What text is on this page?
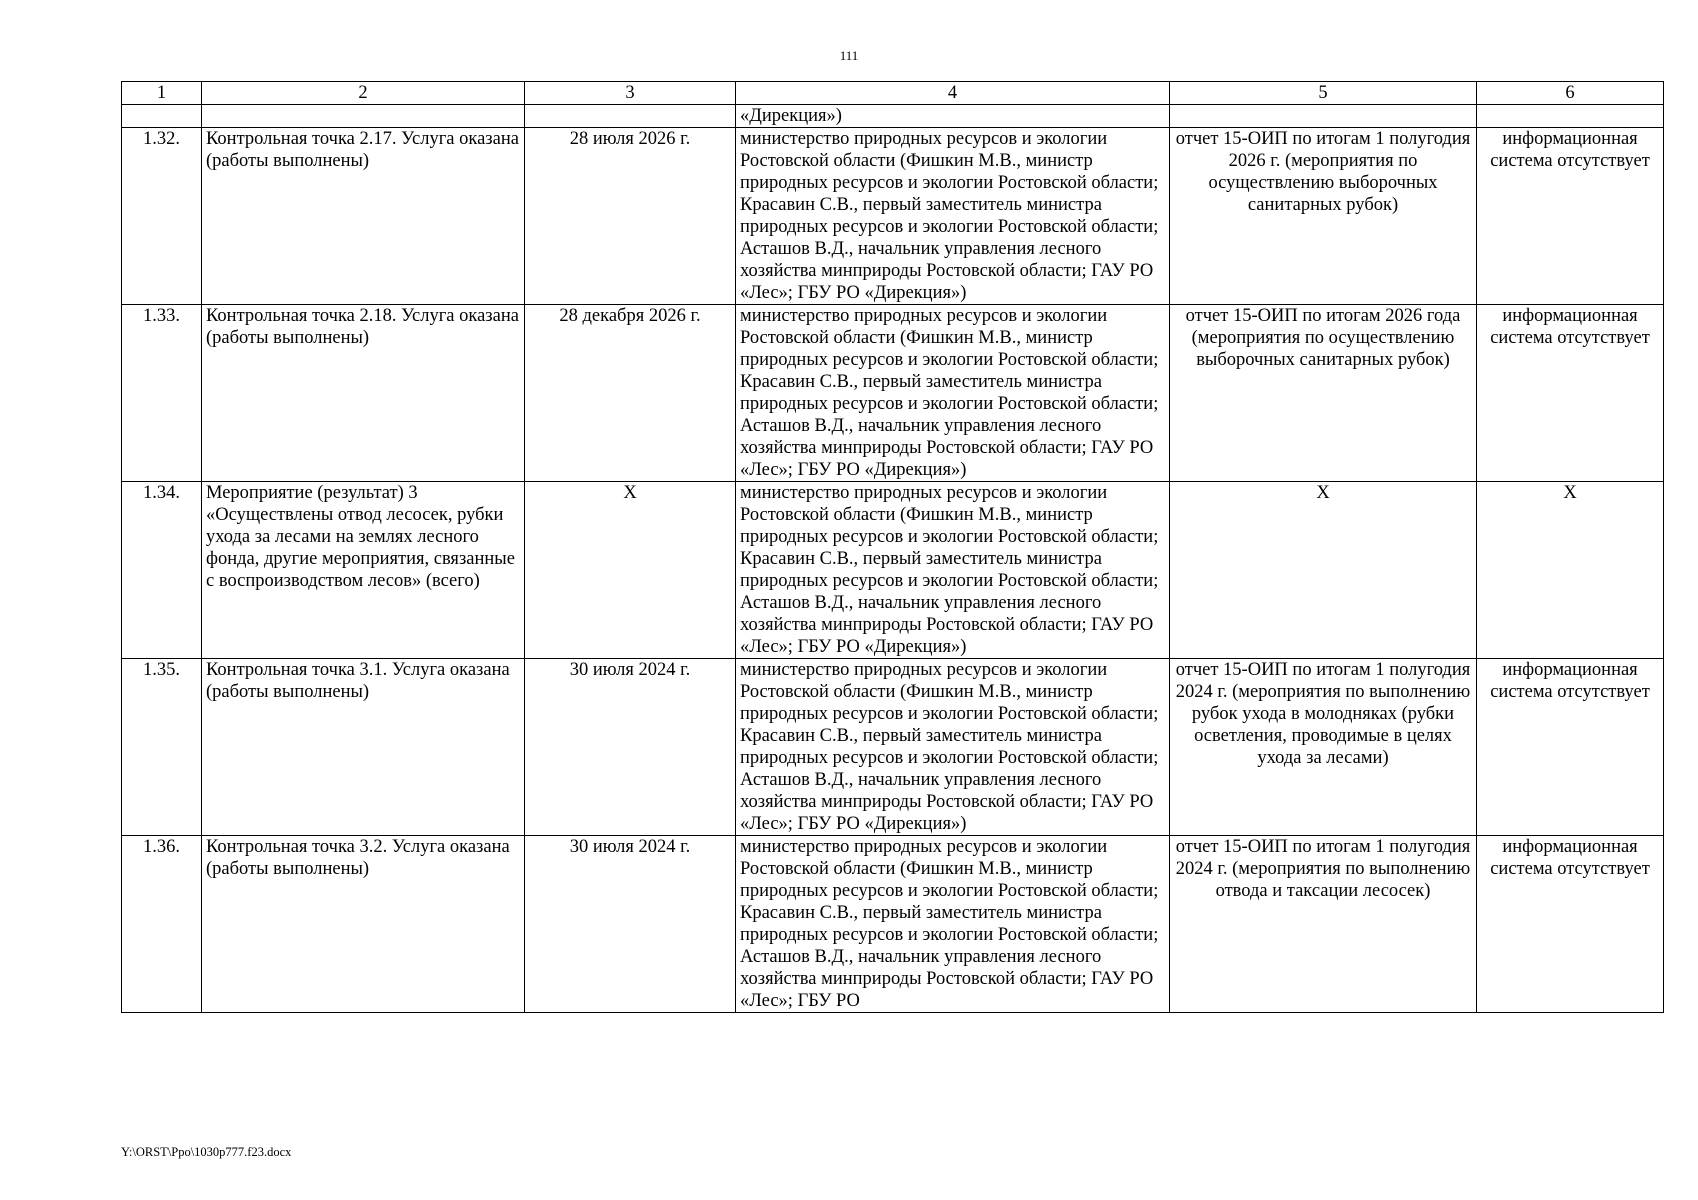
111
1	2	3	4	5	6
			«Дирекция»)		
1.32.	Контрольная точка 2.17. Услуга оказана (работы выполнены)	28 июля 2026 г.	министерство природных ресурсов и экологии Ростовской области (Фишкин М.В., министр природных ресурсов и экологии Ростовской области; Красавин С.В., первый заместитель министра природных ресурсов и экологии Ростовской области; Асташов В.Д., начальник управления лесного хозяйства минприроды Ростовской области; ГАУ РО «Лес»; ГБУ РО «Дирекция»)	отчет 15-ОИП по итогам 1 полугодия 2026 г. (мероприятия по осуществлению выборочных санитарных рубок)	информационная система отсутствует
1.33.	Контрольная точка 2.18. Услуга оказана (работы выполнены)	28 декабря 2026 г.	министерство природных ресурсов и экологии Ростовской области (Фишкин М.В., министр природных ресурсов и экологии Ростовской области; Красавин С.В., первый заместитель министра природных ресурсов и экологии Ростовской области; Асташов В.Д., начальник управления лесного хозяйства минприроды Ростовской области; ГАУ РО «Лес»; ГБУ РО «Дирекция»)	отчет 15-ОИП по итогам 2026 года (мероприятия по осуществлению выборочных санитарных рубок)	информационная система отсутствует
1.34.	Мероприятие (результат) 3 «Осуществлены отвод лесосек, рубки ухода за лесами на землях лесного фонда, другие мероприятия, связанные с воспроизводством лесов» (всего)	X	министерство природных ресурсов и экологии Ростовской области (Фишкин М.В., министр природных ресурсов и экологии Ростовской области; Красавин С.В., первый заместитель министра природных ресурсов и экологии Ростовской области; Асташов В.Д., начальник управления лесного хозяйства минприроды Ростовской области; ГАУ РО «Лес»; ГБУ РО «Дирекция»)	X	X
1.35.	Контрольная точка 3.1. Услуга оказана (работы выполнены)	30 июля 2024 г.	министерство природных ресурсов и экологии Ростовской области (Фишкин М.В., министр природных ресурсов и экологии Ростовской области; Красавин С.В., первый заместитель министра природных ресурсов и экологии Ростовской области; Асташов В.Д., начальник управления лесного хозяйства минприроды Ростовской области; ГАУ РО «Лес»; ГБУ РО «Дирекция»)	отчет 15-ОИП по итогам 1 полугодия 2024 г. (мероприятия по выполнению рубок ухода в молодняках (рубки осветления, проводимые в целях ухода за лесами)	информационная система отсутствует
1.36.	Контрольная точка 3.2. Услуга оказана (работы выполнены)	30 июля 2024 г.	министерство природных ресурсов и экологии Ростовской области (Фишкин М.В., министр природных ресурсов и экологии Ростовской области; Красавин С.В., первый заместитель министра природных ресурсов и экологии Ростовской области; Асташов В.Д., начальник управления лесного хозяйства минприроды Ростовской области; ГАУ РО «Лес»; ГБУ РО	отчет 15-ОИП по итогам 1 полугодия 2024 г. (мероприятия по выполнению отвода и таксации лесосек)	информационная система отсутствует
Y:\ORST\Ppo\1030p777.f23.docx
